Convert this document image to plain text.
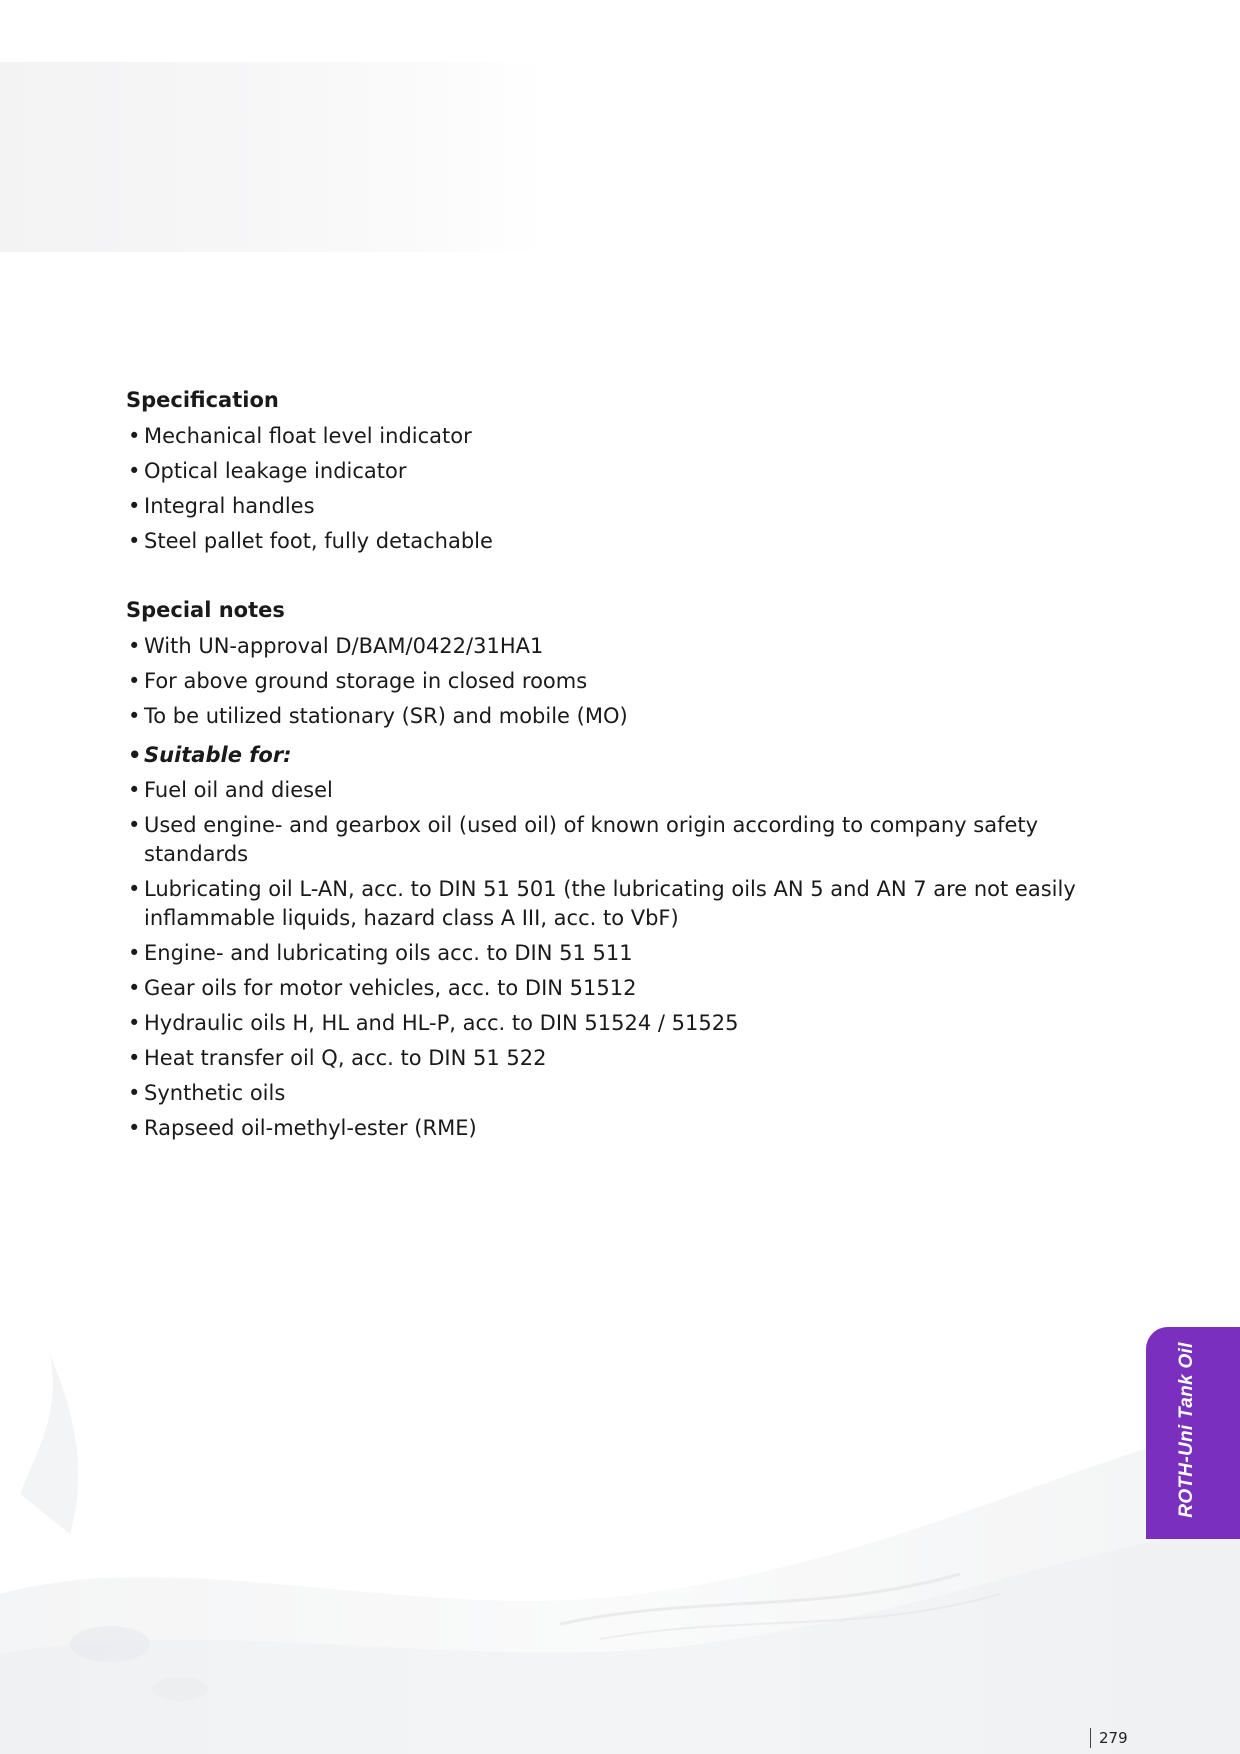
Specification
• Mechanical float level indicator
• Optical leakage indicator
• Integral handles
• Steel pallet foot, fully detachable
Special notes
• With UN-approval D/BAM/0422/31HA1
• For above ground storage in closed rooms
• To be utilized stationary (SR) and mobile (MO)
• Suitable for:
• Fuel oil and diesel
• Used engine- and gearbox oil (used oil) of known origin according to company safety standards
• Lubricating oil L-AN, acc. to DIN 51 501 (the lubricating oils AN 5 and AN 7 are not easily inflammable liquids, hazard class A III, acc. to VbF)
• Engine- and lubricating oils acc. to DIN 51 511
• Gear oils for motor vehicles, acc. to DIN 51512
• Hydraulic oils H, HL and HL-P, acc. to DIN 51524 / 51525
• Heat transfer oil Q, acc. to DIN 51 522
• Synthetic oils
• Rapseed oil-methyl-ester (RME)
ROTH-Uni Tank Oil
279
